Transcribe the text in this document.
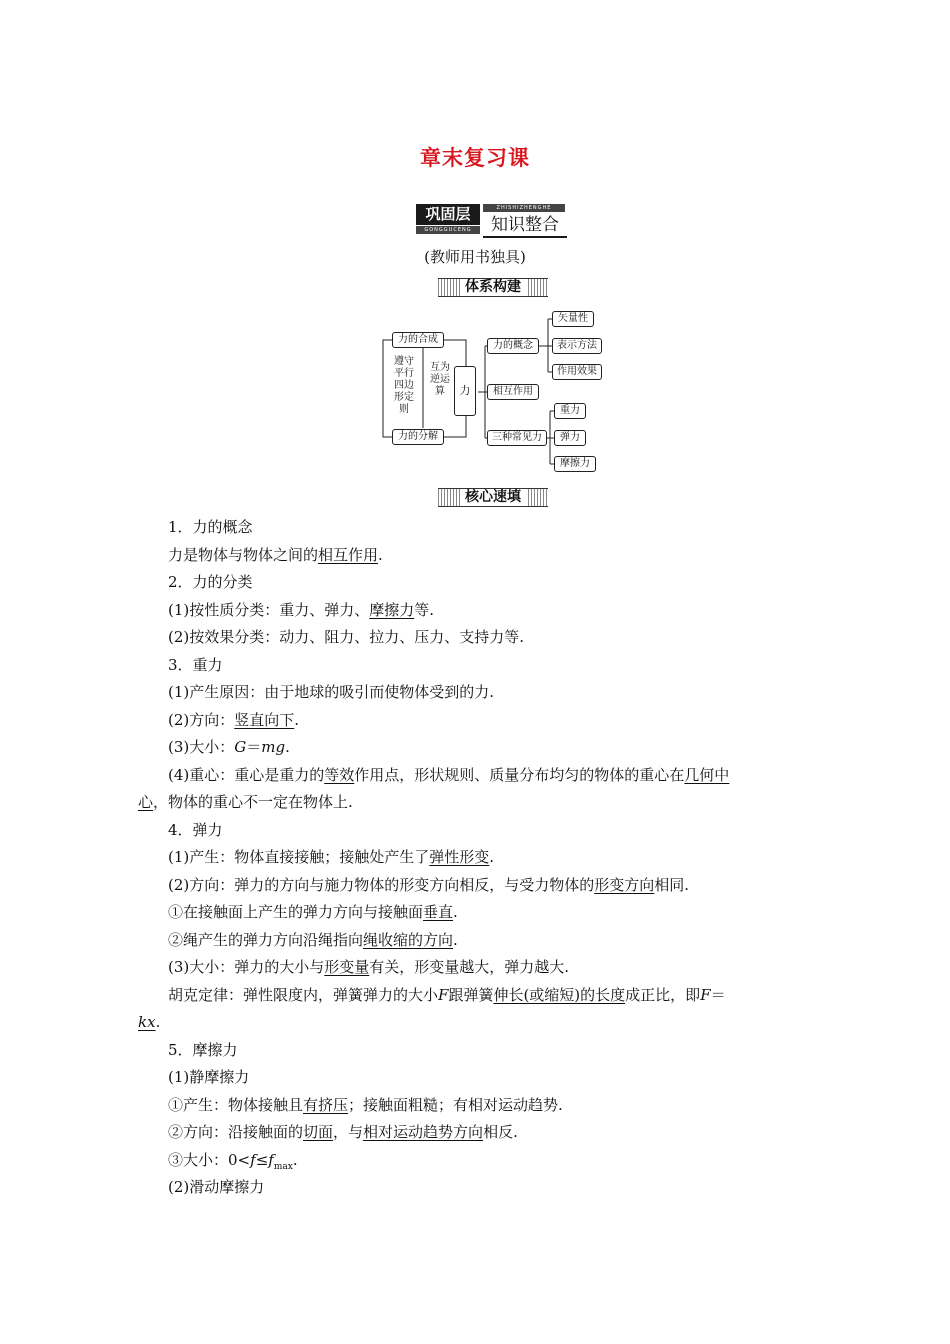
章末复习课
巩固层
GONGGUCENG
ZHISHIZHENGHE
知识整合
(教师用书独具)
体系构建
力的合成
遵守平行四边形定则
互为逆运算
力的分解
力
力的概念
矢量性
表示方法
作用效果
相互作用
三种常见力
重力
弹力
摩擦力
核心速填
1．力的概念
力是物体与物体之间的相互作用.
2．力的分类
(1)按性质分类：重力、弹力、摩擦力等.
(2)按效果分类：动力、阻力、拉力、压力、支持力等.
3．重力
(1)产生原因：由于地球的吸引而使物体受到的力.
(2)方向：竖直向下.
(3)大小：G＝mg.
(4)重心：重心是重力的等效作用点，形状规则、质量分布均匀的物体的重心在几何中
心，物体的重心不一定在物体上.
4．弹力
(1)产生：物体直接接触；接触处产生了弹性形变.
(2)方向：弹力的方向与施力物体的形变方向相反，与受力物体的形变方向相同.
①在接触面上产生的弹力方向与接触面垂直.
②绳产生的弹力方向沿绳指向绳收缩的方向.
(3)大小：弹力的大小与形变量有关，形变量越大，弹力越大.
胡克定律：弹性限度内，弹簧弹力的大小F跟弹簧伸长(或缩短)的长度成正比，即F＝
kx.
5．摩擦力
(1)静摩擦力
①产生：物体接触且有挤压；接触面粗糙；有相对运动趋势.
②方向：沿接触面的切面，与相对运动趋势方向相反.
③大小：$0<f\le f_{max}$.
(2)滑动摩擦力
